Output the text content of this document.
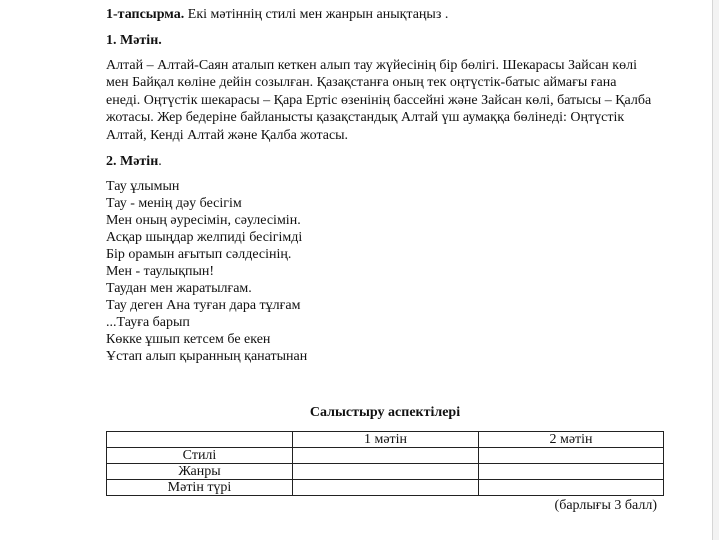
1-тапсырма. Екі мәтіннің стилі мен жанрын анықтаңыз .
1. Мәтін.
Алтай – Алтай-Саян аталып кеткен алып тау жүйесінің бір бөлігі. Шекарасы Зайсан көлі
мен Байқал көліне дейін созылған. Қазақстанға оның тек оңтүстік-батыс аймағы ғана
енеді. Оңтүстік шекарасы – Қара Ертіс өзенінің бассейні және Зайсан көлі, батысы – Қалба
жотасы. Жер бедеріне байланысты қазақстандық Алтай үш аумаққа бөлінеді: Оңтүстік
Алтай, Кенді Алтай және Қалба жотасы.
2. Мәтін.
Тау ұлымын
Тау - менің дәу бесігім
Мен оның әуресімін, сәулесімін.
Асқар шыңдар желпиді бесігімді
Бір орамын ағытып сәлдесінің.
Мен - таулықпын!
Таудан мен жаратылғам.
Тау деген Ана туған дара тұлғам
...Тауға барып
Көкке ұшып кетсем бе екен
Ұстап алып қыранның қанатынан
Салыстыру аспектілері
	1 мәтін	2 мәтін
Стилі		
Жанры		
Мәтін түрі		
(барлығы 3 балл)
